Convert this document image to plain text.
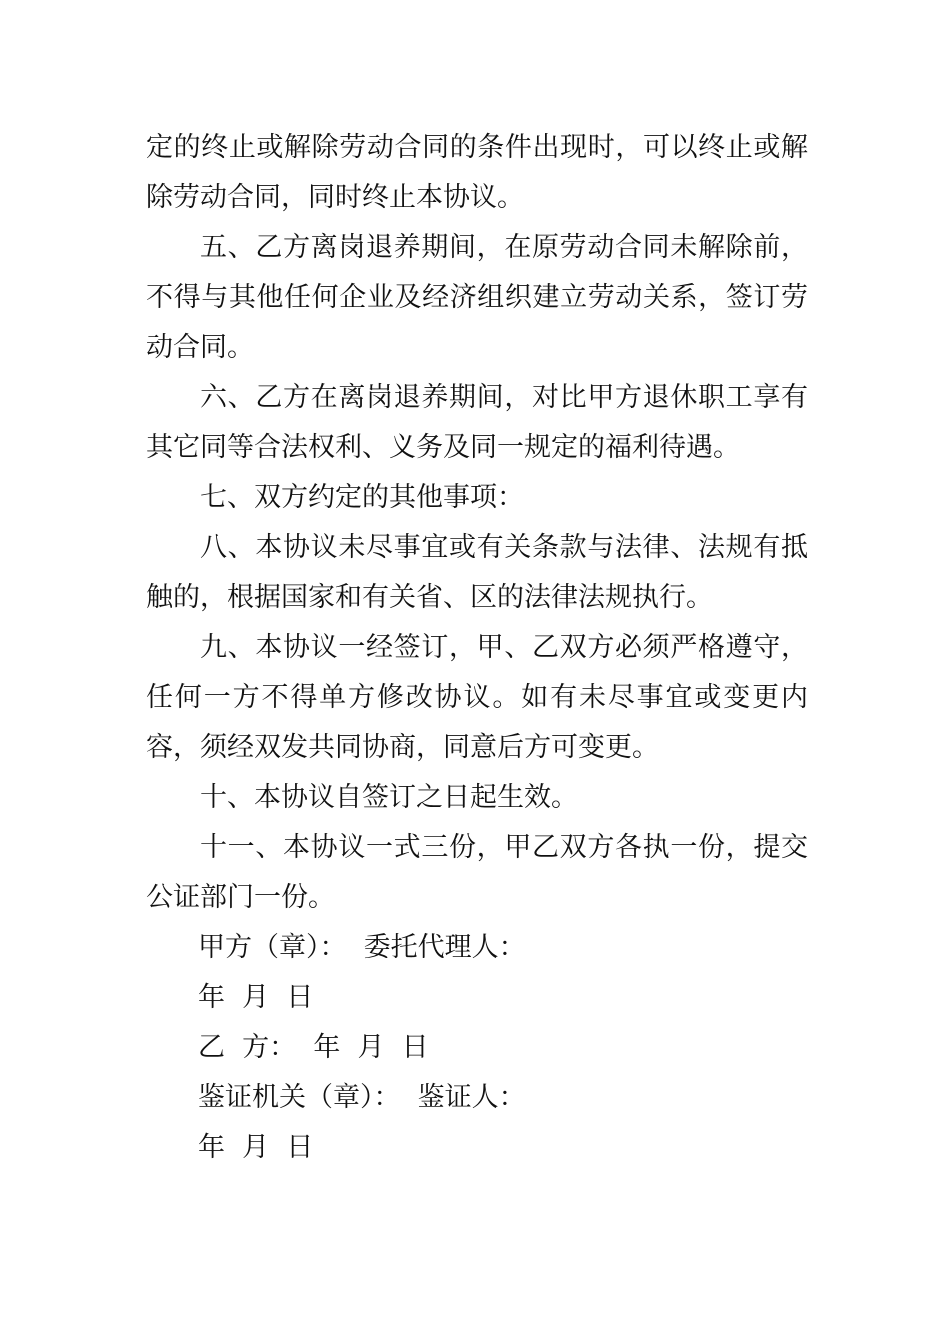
定的终止或解除劳动合同的条件出现时，可以终止或解除劳动合同，同时终止本协议。

五、乙方离岗退养期间，在原劳动合同未解除前，不得与其他任何企业及经济组织建立劳动关系，签订劳动合同。

六、乙方在离岗退养期间，对比甲方退休职工享有其它同等合法权利、义务及同一规定的福利待遇。

七、双方约定的其他事项：

八、本协议未尽事宜或有关条款与法律、法规有抵触的，根据国家和有关省、区的法律法规执行。

九、本协议一经签订，甲、乙双方必须严格遵守，任何一方不得单方修改协议。如有未尽事宜或变更内容，须经双发共同协商，同意后方可变更。

十、本协议自签订之日起生效。

十一、本协议一式三份，甲乙双方各执一份，提交公证部门一份。

甲方（章）：  委托代理人：
年  月  日
乙  方：  年  月  日
鉴证机关（章）：  鉴证人：
年  月  日
